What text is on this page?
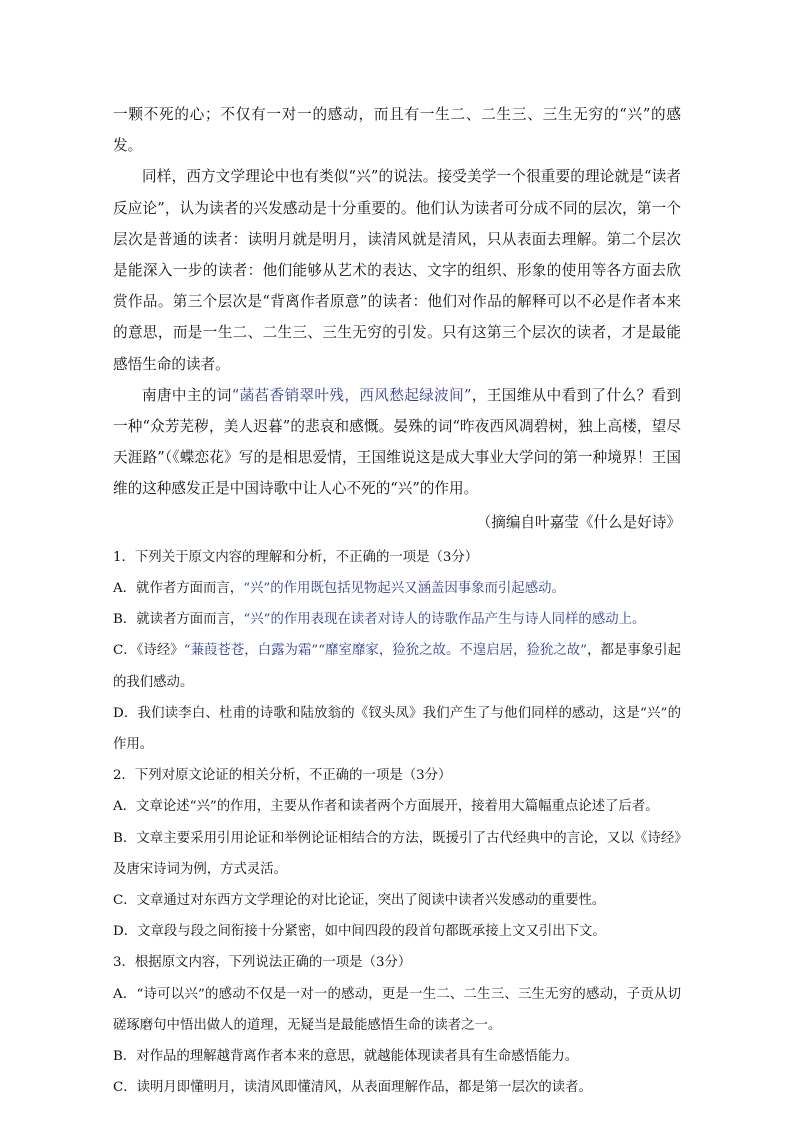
一颗不死的心；不仅有一对一的感动，而且有一生二、二生三、三生无穷的“兴”的感发。

同样，西方文学理论中也有类似“兴”的说法。接受美学一个很重要的理论就是“读者反应论”，认为读者的兴发感动是十分重要的。他们认为读者可分成不同的层次，第一个层次是普通的读者：读明月就是明月，读清风就是清风，只从表面去理解。第二个层次是能深入一步的读者：他们能够从艺术的表达、文字的组织、形象的使用等各方面去欣赏作品。第三个层次是“背离作者原意”的读者：他们对作品的解释可以不必是作者本来的意思，而是一生二、二生三、三生无穷的引发。只有这第三个层次的读者，才是最能感悟生命的读者。

南唐中主的词“菡萏香销翠叶残，西风愁起绿波间”，王国维从中看到了什么？看到一种“众芳芜秽，美人迟暮”的悲哀和感慨。晏殊的词“昨夜西风凋碧树，独上高楼，望尽天涯路”（《蝶恋花》写的是相思爱情，王国维说这是成大事业大学问的第一种境界！王国维的这种感发正是中国诗歌中让人心不死的“兴”的作用。

（摘编自叶嘉莹《什么是好诗》

1．下列关于原文内容的理解和分析，不正确的一项是（3分）

A．就作者方面而言，“兴”的作用既包括见物起兴又涵盖因事象而引起感动。

B．就读者方面而言，“兴”的作用表现在读者对诗人的诗歌作品产生与诗人同样的感动上。

C．《诗经》“蒹葭苍苍，白露为霜”“靡室靡家，猃狁之故。不遑启居，猃狁之故”，都是事象引起的我们感动。

D．我们读李白、杜甫的诗歌和陆放翁的《钗头凤》我们产生了与他们同样的感动，这是“兴”的作用。

2．下列对原文论证的相关分析，不正确的一项是（3分）

A．文章论述“兴”的作用，主要从作者和读者两个方面展开，接着用大篇幅重点论述了后者。

B．文章主要采用引用论证和举例论证相结合的方法，既援引了古代经典中的言论，又以《诗经》及唐宋诗词为例，方式灵活。

C．文章通过对东西方文学理论的对比论证，突出了阅读中读者兴发感动的重要性。

D．文章段与段之间衔接十分紧密，如中间四段的段首句都既承接上文又引出下文。

3．根据原文内容，下列说法正确的一项是（3分）

A．“诗可以兴”的感动不仅是一对一的感动，更是一生二、二生三、三生无穷的感动，子贡从切磋琢磨句中悟出做人的道理，无疑当是最能感悟生命的读者之一。

B．对作品的理解越背离作者本来的意思，就越能体现读者具有生命感悟能力。

C．读明月即懂明月，读清风即懂清风，从表面理解作品，都是第一层次的读者。
